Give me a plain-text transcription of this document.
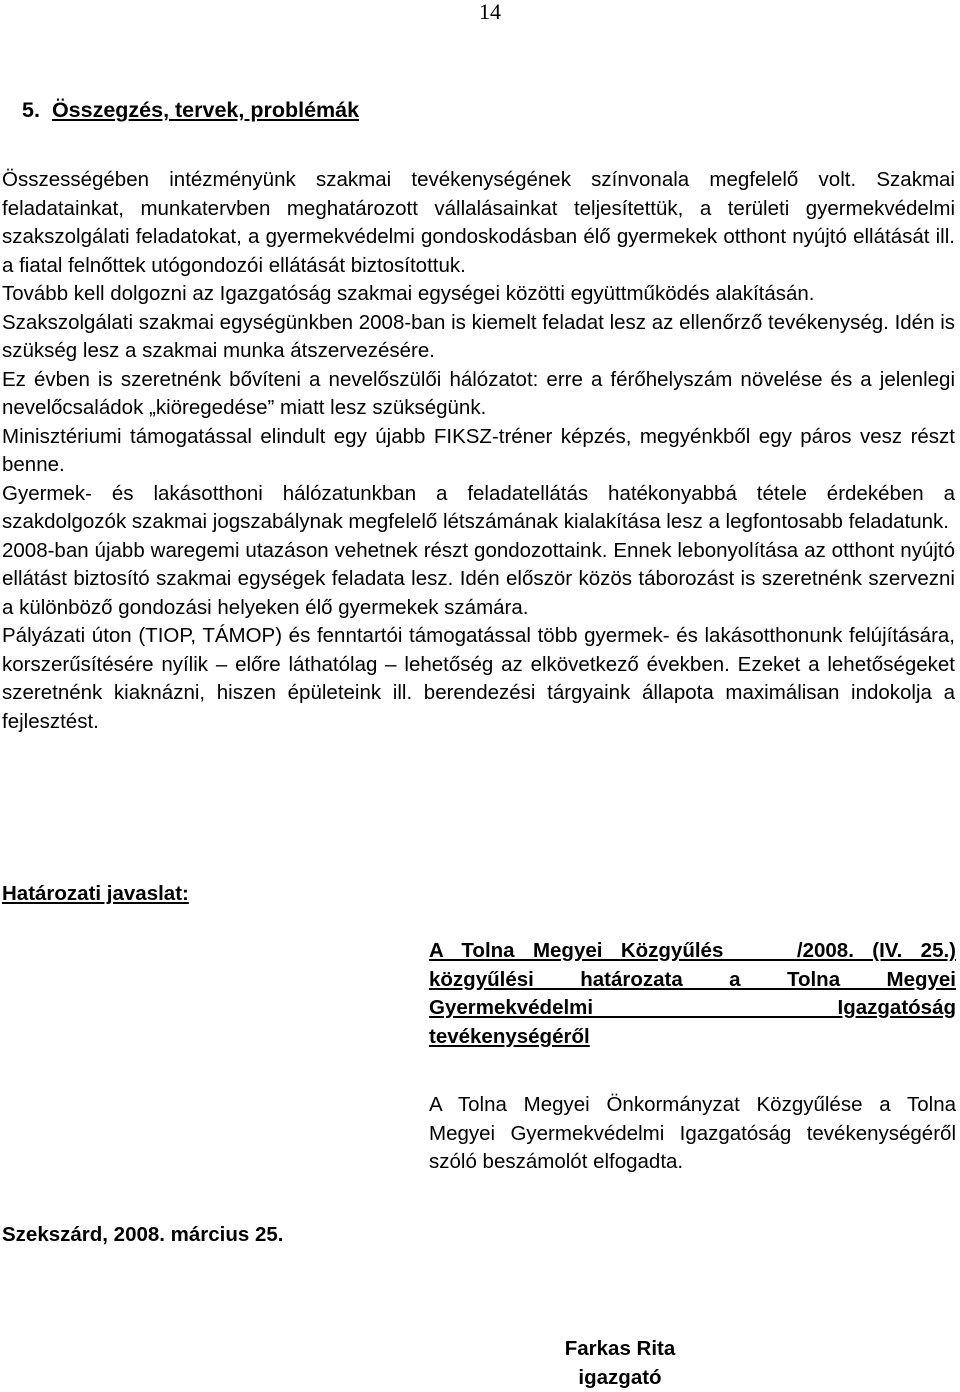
14
5. Összegzés, tervek, problémák

Összességében intézményünk szakmai tevékenységének színvonala megfelelő volt. Szakmai feladatainkat, munkatervben meghatározott vállalásainkat teljesítettük, a területi gyermekvédelmi szakszolgálati feladatokat, a gyermekvédelmi gondoskodásban élő gyermekek otthont nyújtó ellátását ill. a fiatal felnőttek utógondozói ellátását biztosítottuk.

Tovább kell dolgozni az Igazgatóság szakmai egységei közötti együttműködés alakításán.

Szakszolgálati szakmai egységünkben 2008-ban is kiemelt feladat lesz az ellenőrző tevékenység. Idén is szükség lesz a szakmai munka átszervezésére.

Ez évben is szeretnénk bővíteni a nevelőszülői hálózatot: erre a férőhelyszám növelése és a jelenlegi nevelőcsaládok „kiöregedése” miatt lesz szükségünk.

Minisztériumi támogatással elindult egy újabb FIKSZ-tréner képzés, megyénkből egy páros vesz részt benne.

Gyermek- és lakásotthoni hálózatunkban a feladatellátás hatékonyabbá tétele érdekében a szakdolgozók szakmai jogszabálynak megfelelő létszámának kialakítása lesz a legfontosabb feladatunk.

2008-ban újabb waregemi utazáson vehetnek részt gondozottaink. Ennek lebonyolítása az otthont nyújtó ellátást biztosító szakmai egységek feladata lesz. Idén először közös táborozást is szeretnénk szervezni a különböző gondozási helyeken élő gyermekek számára.

Pályázati úton (TIOP, TÁMOP) és fenntartói támogatással több gyermek- és lakásotthonunk felújítására, korszerűsítésére nyílik – előre láthatólag – lehetőség az elkövetkező években. Ezeket a lehetőségeket szeretnénk kiaknázni, hiszen épületeink ill. berendezési tárgyaink állapota maximálisan indokolja a fejlesztést.

Határozati javaslat:

A Tolna Megyei Közgyűlés    /2008. (IV. 25.)
közgyűlési határozata a Tolna Megyei
Gyermekvédelmi Igazgatóság
tevékenységéről

A Tolna Megyei Önkormányzat Közgyűlése a Tolna Megyei Gyermekvédelmi Igazgatóság tevékenységéről szóló beszámolót elfogadta.

Szekszárd, 2008. március 25.
Farkas Rita
igazgató
